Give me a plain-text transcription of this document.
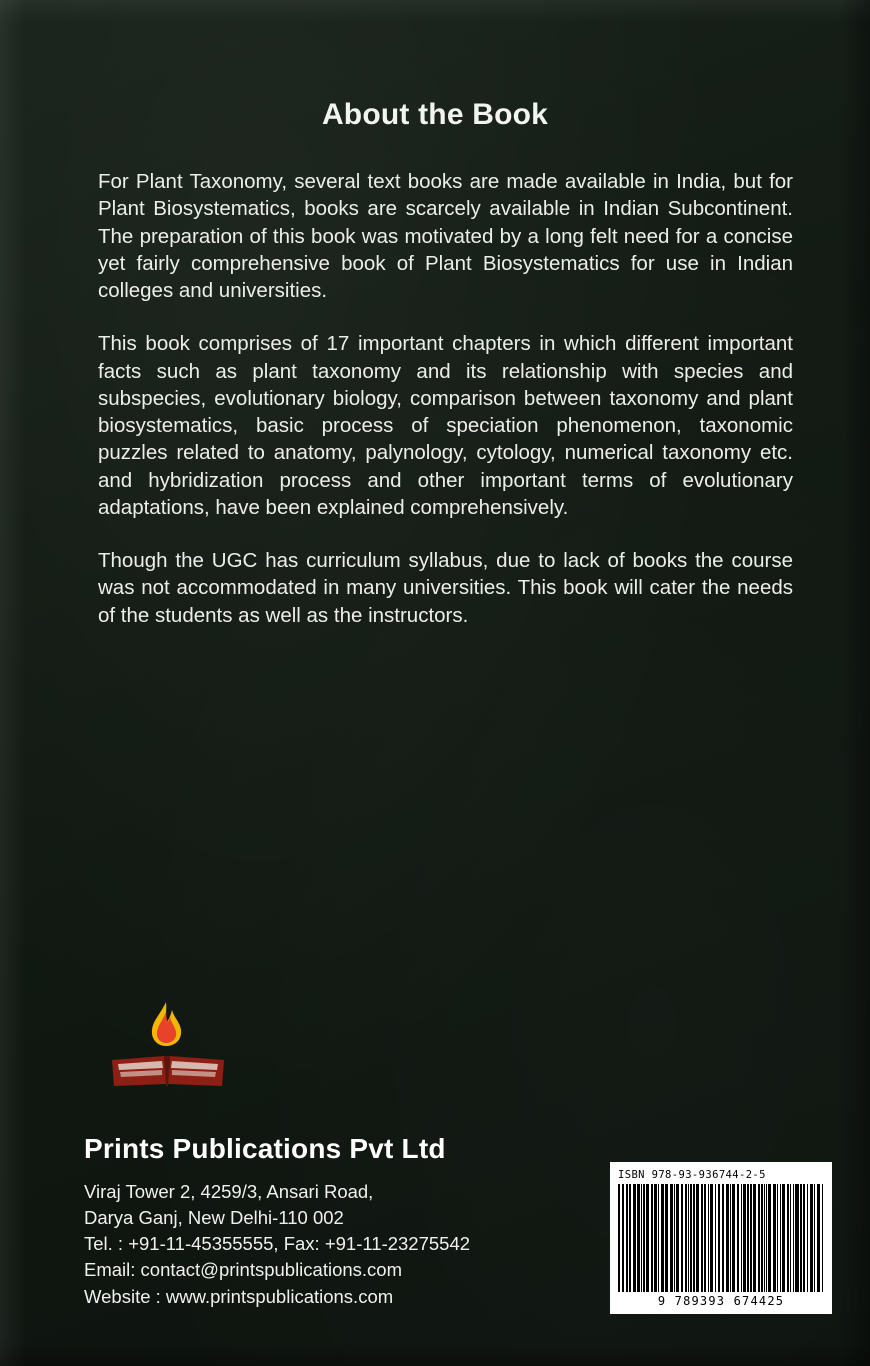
About the Book

For Plant Taxonomy, several text books are made available in India, but for Plant Biosystematics, books are scarcely available in Indian Subcontinent. The preparation of this book was motivated by a long felt need for a concise yet fairly comprehensive book of Plant Biosystematics for use in Indian colleges and universities.

This book comprises of 17 important chapters in which different important facts such as plant taxonomy and its relationship with species and subspecies, evolutionary biology, comparison between taxonomy and plant biosystematics, basic process of speciation phenomenon, taxonomic puzzles related to anatomy, palynology, cytology, numerical taxonomy etc. and hybridization process and other important terms of evolutionary adaptations, have been explained comprehensively.

Though the UGC has curriculum syllabus, due to lack of books the course was not accommodated in many universities. This book will cater the needs of the students as well as the instructors.

Prints Publications Pvt Ltd

Viraj Tower 2, 4259/3, Ansari Road,

Darya Ganj, New Delhi-110 002

Tel. : +91-11-45355555, Fax: +91-11-23275542

Email: contact@printspublications.com

Website : www.printspublications.com

ISBN 978-93-936744-2-5
9 789393 674425
